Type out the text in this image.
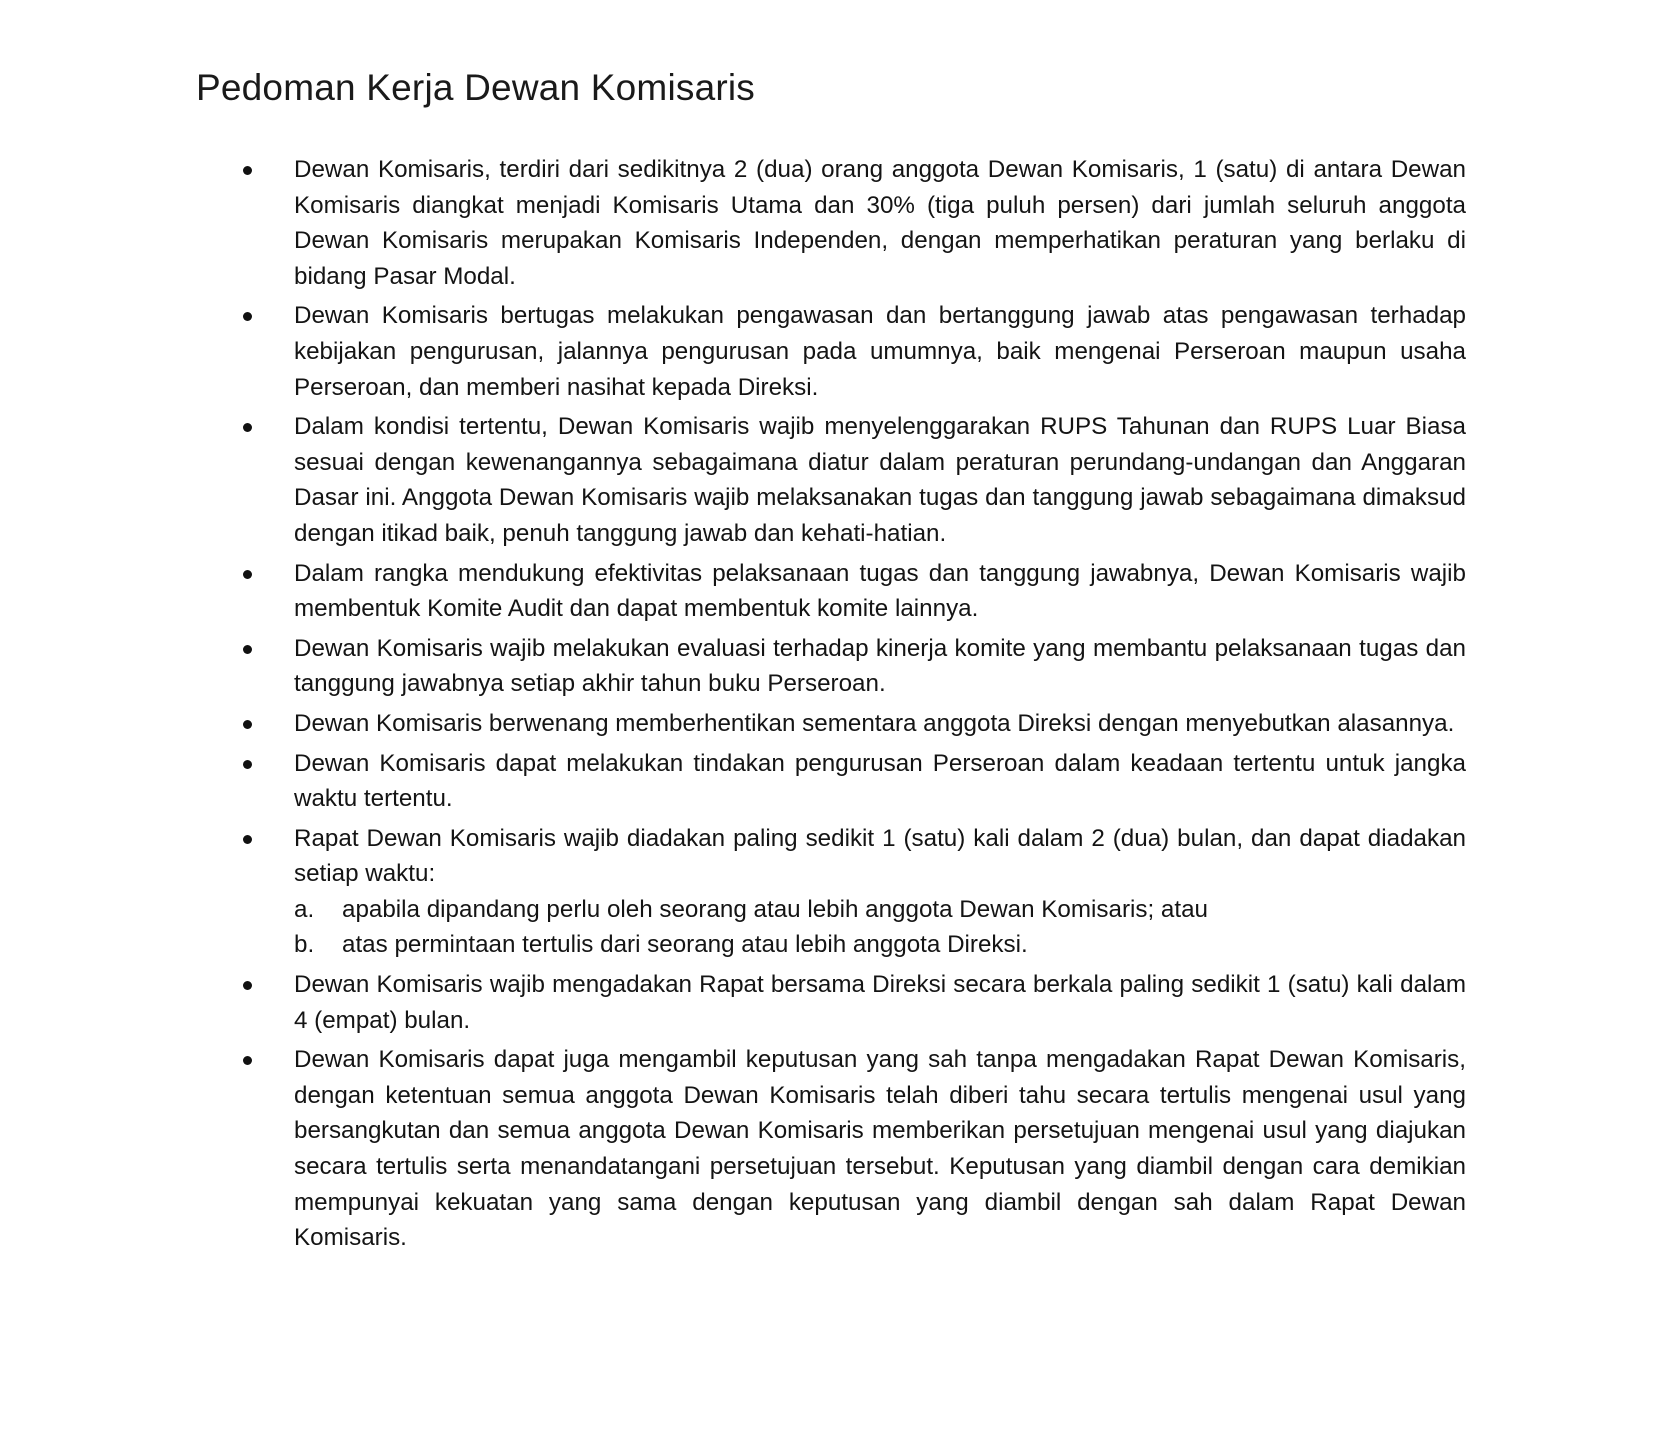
Pedoman Kerja Dewan Komisaris
Dewan Komisaris, terdiri dari sedikitnya 2 (dua) orang anggota Dewan Komisaris, 1 (satu) di antara Dewan Komisaris diangkat menjadi Komisaris Utama dan 30% (tiga puluh persen) dari jumlah seluruh anggota Dewan Komisaris merupakan Komisaris Independen, dengan memperhatikan peraturan yang berlaku di bidang Pasar Modal.
Dewan Komisaris bertugas melakukan pengawasan dan bertanggung jawab atas pengawasan terhadap kebijakan pengurusan, jalannya pengurusan pada umumnya, baik mengenai Perseroan maupun usaha Perseroan, dan memberi nasihat kepada Direksi.
Dalam kondisi tertentu, Dewan Komisaris wajib menyelenggarakan RUPS Tahunan dan RUPS Luar Biasa sesuai dengan kewenangannya sebagaimana diatur dalam peraturan perundang-undangan dan Anggaran Dasar ini. Anggota Dewan Komisaris wajib melaksanakan tugas dan tanggung jawab sebagaimana dimaksud dengan itikad baik, penuh tanggung jawab dan kehati-hatian.
Dalam rangka mendukung efektivitas pelaksanaan tugas dan tanggung jawabnya, Dewan Komisaris wajib membentuk Komite Audit dan dapat membentuk komite lainnya.
Dewan Komisaris wajib melakukan evaluasi terhadap kinerja komite yang membantu pelaksanaan tugas dan tanggung jawabnya setiap akhir tahun buku Perseroan.
Dewan Komisaris berwenang memberhentikan sementara anggota Direksi dengan menyebutkan alasannya.
Dewan Komisaris dapat melakukan tindakan pengurusan Perseroan dalam keadaan tertentu untuk jangka waktu tertentu.
Rapat Dewan Komisaris wajib diadakan paling sedikit 1 (satu) kali dalam 2 (dua) bulan, dan dapat diadakan setiap waktu:
a. apabila dipandang perlu oleh seorang atau lebih anggota Dewan Komisaris; atau
b. atas permintaan tertulis dari seorang atau lebih anggota Direksi.
Dewan Komisaris wajib mengadakan Rapat bersama Direksi secara berkala paling sedikit 1 (satu) kali dalam 4 (empat) bulan.
Dewan Komisaris dapat juga mengambil keputusan yang sah tanpa mengadakan Rapat Dewan Komisaris, dengan ketentuan semua anggota Dewan Komisaris telah diberi tahu secara tertulis mengenai usul yang bersangkutan dan semua anggota Dewan Komisaris memberikan persetujuan mengenai usul yang diajukan secara tertulis serta menandatangani persetujuan tersebut. Keputusan yang diambil dengan cara demikian mempunyai kekuatan yang sama dengan keputusan yang diambil dengan sah dalam Rapat Dewan Komisaris.
